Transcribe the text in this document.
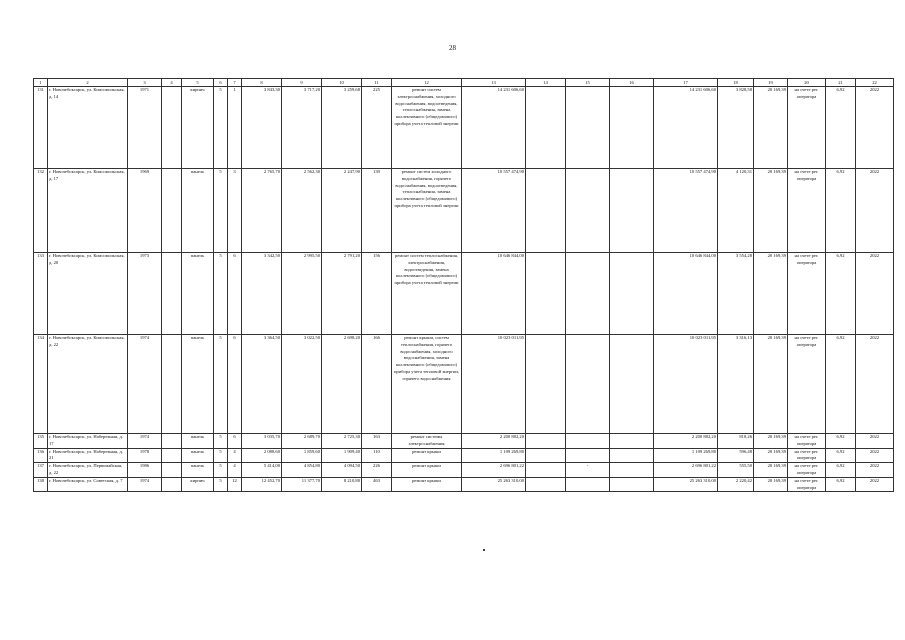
28
1	2	3	4	5	6	7	8	9	10	11	12	13	14	15	16	17	18	19	20	21	22
131	г. Новочебоксарск, ул. Комсомольская, д. 14	1971		кирпич	5	1	3 843,30	3 717,20	3 259,68	225	ремонт систем электроснабжения, холодного водоснабжения, водоотведения, теплоснабжения, замена коллективного (общедомового) прибора учета тепловой энергии	14 231 606,60				14 231 606,60	3 828,58	20 169,39	на счете рег. оператора	6,92	2022
132	г. Новочебоксарск, ул. Комсомольская, д. 17	1969		панель	5	3	2 765,70	2 562,30	2 247,90	139	ремонт систем холодного водоснабжения, горячего водоснабжения, водоотведения, теплоснабжения, замена коллективного (общедомового) прибора учета тепловой энергии	10 557 474,90				10 557 474,90	4 120,31	20 169,39	на счете рег. оператора	6,92	2022
133	г. Новочебоксарск, ул. Комсомольская, д. 20	1973		панель	5	6	3 342,50	2 995,50	2 791,20	156	ремонт систем теплоснабжения, электроснабжения, водоотведения, замена коллективного (общедомового) прибора учета тепловой энергии	10 646 844,00				10 646 844,00	3 554,28	20 169,39	на счете рег. оператора	6,92	2022
134	г. Новочебоксарск, ул. Комсомольская, д. 22	1974		панель	5	6	3 364,50	3 022,50	2 698,20	166	ремонт крыши, систем теплоснабжения, горячего водоснабжения, холодного водоснабжения, замена коллективного (общедомового) прибора учета тепловой энергии, горячего водоснабжения	10 023 011,95				10 023 011,95	3 316,13	20 169,39	на счете рег. оператора	6,92	2022
135	г. Новочебоксарск, ул. Набережная, д. 17	1974		панель	5	6	3 035,70	2 689,70	2 725,30	163	ремонт системы электроснабжения	2 200 882,20				2 200 882,20	818,26	20 169,39	на счете рег. оператора	6,92	2022
136	г. Новочебоксарск, ул. Набережная, д. 21	1978		панель	5	4	2 088,60	1 859,60	1 909,40	110	ремонт крыши	1 109 269,80				1 109 269,80	596,48	20 169,39	на счете рег. оператора	6,92	2022
137	г. Новочебоксарск, ул. Первомайская, д. 22	1986		панель	5	4	5 414,00	4 854,80	4 094,50	226	ремонт крыши	2 696 801,22		-		2 696 801,22	555,50	20 169,39	на счете рег. оператора	6,92	2022
138	г. Новочебоксарск, ул. Советская, д. 7	1974		кирпич	5	12	12 452,70	11 377,70	8 210,80	463	ремонт крыши	25 263 310,00				25 263 310,00	2 220,42	20 169,39	на счете рег. оператора	6,92	2022
